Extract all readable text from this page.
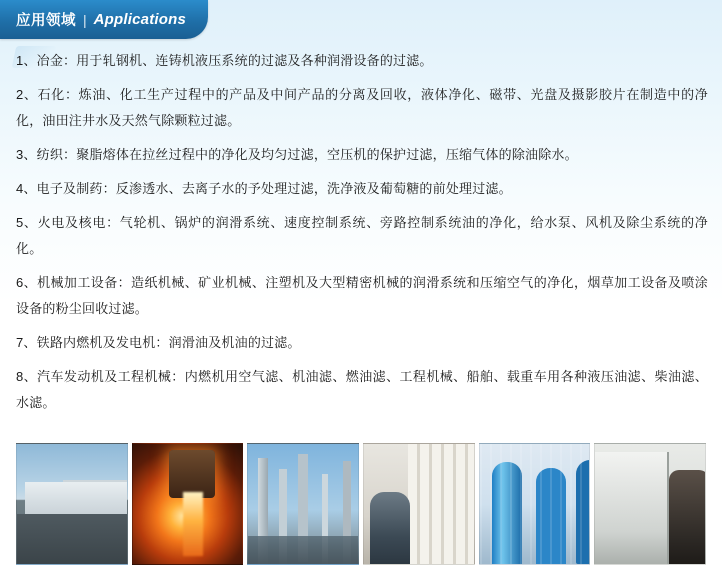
应用领域 | Applications

1、冶金：用于轧钢机、连铸机液压系统的过滤及各种润滑设备的过滤。

2、石化：炼油、化工生产过程中的产品及中间产品的分离及回收，液体净化、磁带、光盘及摄影胶片在制造中的净化，油田注井水及天然气除颗粒过滤。

3、纺织：聚脂熔体在拉丝过程中的净化及均匀过滤，空压机的保护过滤，压缩气体的除油除水。

4、电子及制药：反渗透水、去离子水的予处理过滤，洗净液及葡萄糖的前处理过滤。

5、火电及核电：气轮机、锅炉的润滑系统、速度控制系统、旁路控制系统油的净化，给水泵、风机及除尘系统的净化。

6、机械加工设备：造纸机械、矿业机械、注塑机及大型精密机械的润滑系统和压缩空气的净化，烟草加工设备及喷涂设备的粉尘回收过滤。

7、铁路内燃机及发电机：润滑油及机油的过滤。

8、汽车发动机及工程机械：内燃机用空气滤、机油滤、燃油滤、工程机械、船舶、载重车用各种液压油滤、柴油滤、水滤。
